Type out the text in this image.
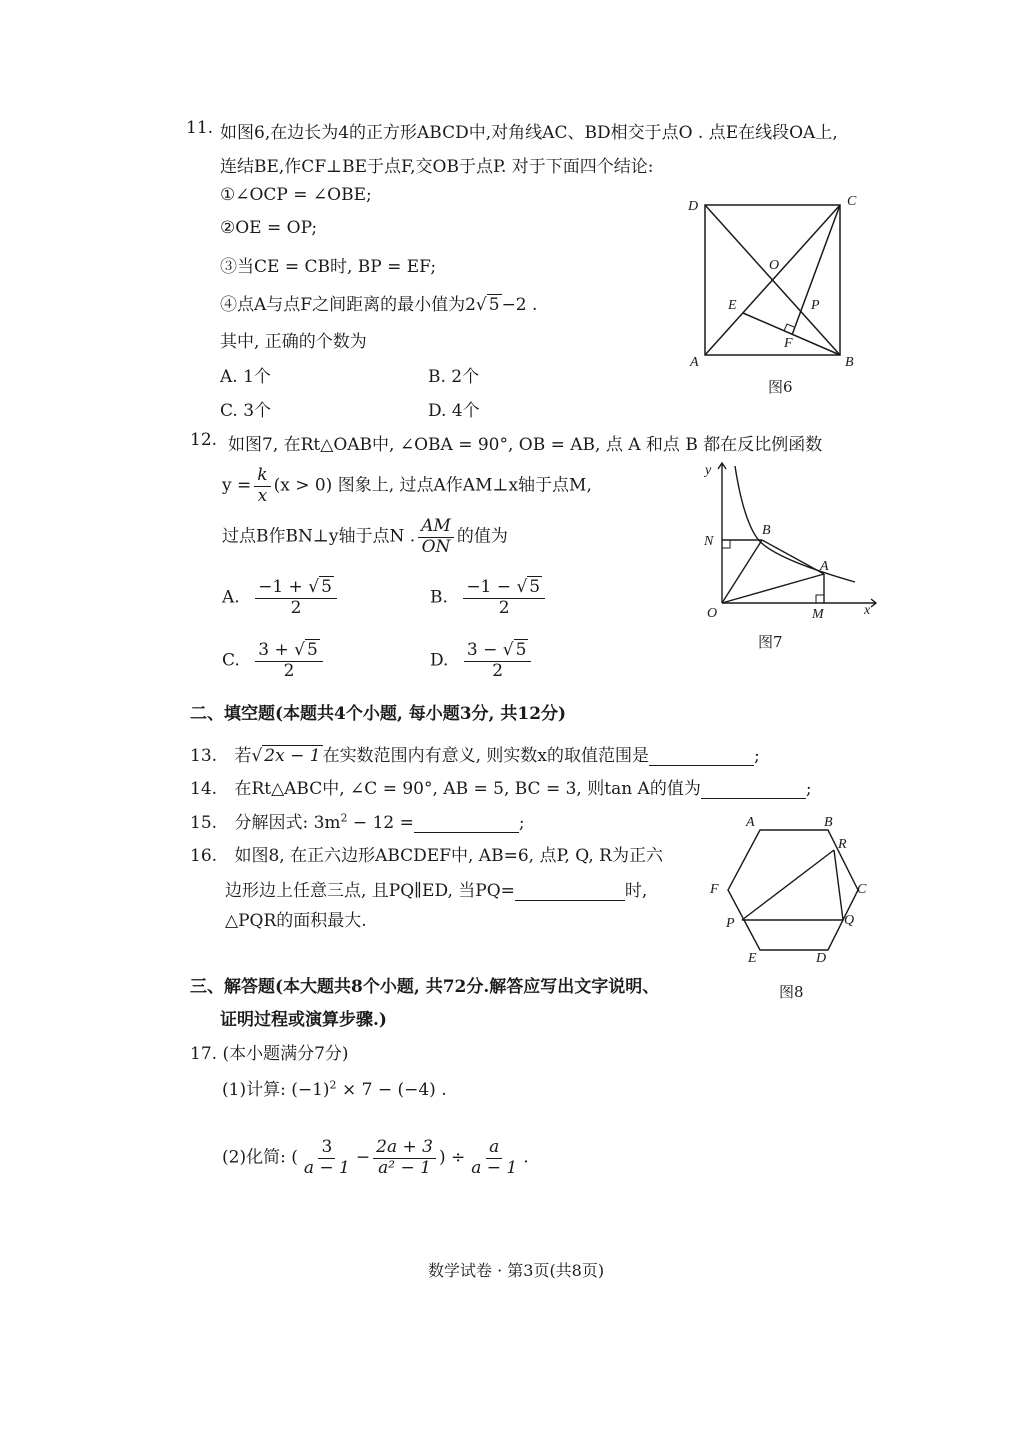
11. 如图6,在边长为4的正方形ABCD中,对角线AC、BD相交于点O . 点E在线段OA上,
连结BE,作CF⊥BE于点F,交OB于点P. 对于下面四个结论:
①∠OCP = ∠OBE;
②OE = OP;
③当CE = CB时, BP = EF;
④点A与点F之间距离的最小值为2√ 5 −2 .
其中, 正确的个数为
A. 1个	B. 2个
C. 3个	D. 4个
D	C
O
E	P
F
A	B
图6
12. 如图7, 在Rt△OAB中, ∠OBA = 90°, OB = AB, 点 A 和点 B 都在反比例函数
$y = \frac{k}{x} (x > 0)$ 图象上, 过点A作AM⊥x轴于点M,
过点B作BN⊥y轴于点N . $\frac{AM}{ON}$ 的值为
A. $\frac{-1 + √ 5}{2}$	B. $\frac{-1 - √ 5}{2}$
C. $\frac{3 + √ 5}{2}$	D. $\frac{3 - √ 5}{2}$
y
N
B
A
O	M	x
图7
二、填空题(本题共4个小题, 每小题3分, 共12分)
13. 若√ 2x − 1 在实数范围内有意义, 则实数x的取值范围是	;
14. 在Rt△ABC中, ∠C = 90°, AB = 5, BC = 3, 则tan A的值为	;
15. 分解因式: $3m^2 - 12$ =	;
16. 如图8, 在正六边形ABCDEF中, AB=6, 点P, Q, R为正六
边形边上任意三点, 且PQ∥ED, 当PQ=	时,
△PQR的面积最大.
A	B
R
C
F
P	Q
E	D
图8
三、解答题(本大题共8个小题, 共72分.解答应写出文字说明、
证明过程或演算步骤.)
17. (本小题满分7分)
(1)计算: $(-1)^2 \times 7 - (-4)$ .
(2)化简: ( $\frac{3}{a - 1} - \frac{2a + 3}{\text{a² − 1}}$ ) ÷ $\frac{a}{a - 1}$ .
数学试卷 · 第3页(共8页)
